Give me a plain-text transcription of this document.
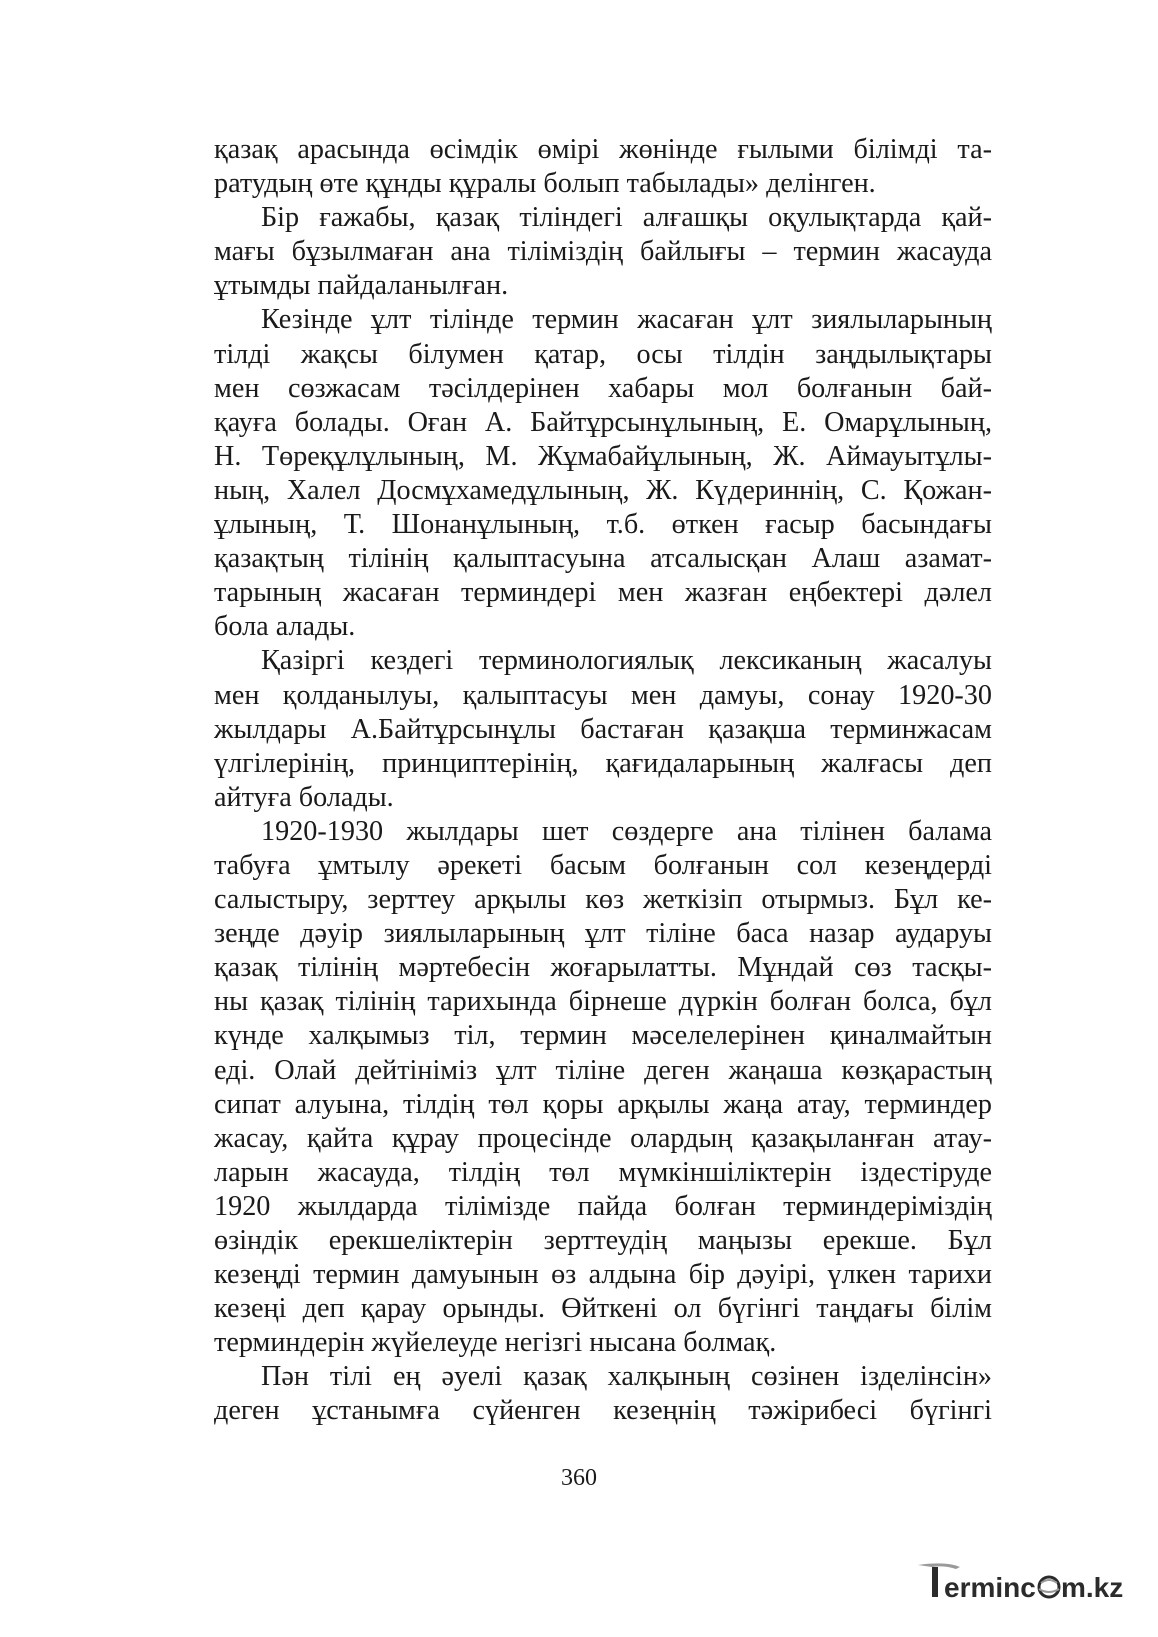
қазақ арасында өсімдік өмірі жөнінде ғылыми білімді та-
ратудың өте құнды құралы болып табылады» делінген.

Бір ғажабы, қазақ тіліндегі алғашқы оқулықтарда қай-
мағы бұзылмаған ана тіліміздің байлығы – термин жасауда
ұтымды пайдаланылған.

Кезінде ұлт тілінде термин жасаған ұлт зиялыларының
тілді жақсы білумен қатар, осы тілдін заңдылықтары
мен сөзжасам тәсілдерінен хабары мол болғанын бай-
қауға болады. Оған А. Байтұрсынұлының, Е. Омарұлының,
Н. Төреқұлұлының, М. Жұмабайұлының, Ж. Аймауытұлы-
ның, Халел Досмұхамедұлының, Ж. Күдериннің, С. Қожан-
ұлының, Т. Шонанұлының, т.б. өткен ғасыр басындағы
қазақтың тілінің қалыптасуына атсалысқан Алаш азамат-
тарының жасаған терминдері мен жазған еңбектері дәлел
бола алады.

Қазіргі кездегі терминологиялық лексиканың жасалуы
мен қолданылуы, қалыптасуы мен дамуы, сонау 1920-30
жылдары А.Байтұрсынұлы бастаған қазақша терминжасам
үлгілерінің, принциптерінің, қағидаларының жалғасы деп
айтуға болады.

1920-1930 жылдары шет сөздерге ана тілінен балама
табуға ұмтылу әрекеті басым болғанын сол кезеңдерді
салыстыру, зерттеу арқылы көз жеткізіп отырмыз. Бұл ке-
зеңде дәуір зиялыларының ұлт тіліне баса назар аударуы
қазақ тілінің мәртебесін жоғарылатты. Мұндай сөз тасқы-
ны қазақ тілінің тарихында бірнеше дүркін болған болса, бұл
күнде халқымыз тіл, термин мәселелерінен қиналмайтын
еді. Олай дейтініміз ұлт тіліне деген жаңаша көзқарастың
сипат алуына, тілдің төл қоры арқылы жаңа атау, терминдер
жасау, қайта құрау процесінде олардың қазақыланған атау-
ларын жасауда, тілдің төл мүмкіншіліктерін іздестіруде
1920 жылдарда тілімізде пайда болған терминдеріміздің
өзіндік ерекшеліктерін зерттеудің маңызы ерекше. Бұл
кезеңді термин дамуынын өз алдына бір дәуірі, үлкен тарихи
кезеңі деп қарау орынды. Өйткені ол бүгінгі таңдағы білім
терминдерін жүйелеуде негізгі нысана болмақ.

Пән тілі ең әуелі қазақ халқының сөзінен ізделінсін»
деген ұстанымға сүйенген кезеңнің тәжірибесі бүгінгі

360
erminc m.kz
